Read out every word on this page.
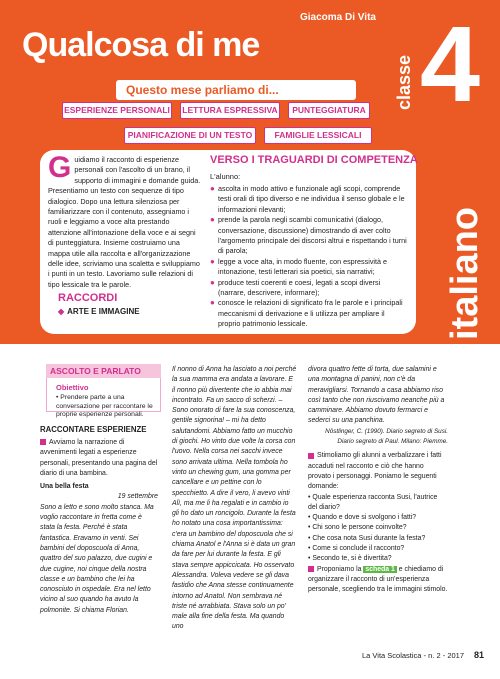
Qualcosa di me
Giacoma Di Vita
classe 4
italiano
Questo mese parliamo di...
ESPERIENZE PERSONALI LETTURA ESPRESSIVA	PUNTEGGIATURA
PIANIFICAZIONE DI UN TESTO	FAMIGLIE LESSICALI
Guidiamo il racconto di esperienze personali con l'ascolto di un brano, il supporto di immagini e domande guida. Presentiamo un testo con sequenze di tipo dialogico. Dopo una lettura silenziosa per familiarizzare con il contenuto, assegniamo i ruoli e leggiamo a voce alta prestando attenzione all'intonazione della voce e ai segni di punteggiatura. Insieme costruiamo una mappa utile alla raccolta e all'organizzazione delle idee, scriviamo una scaletta e sviluppiamo i punti in un testo. Lavoriamo sulle relazioni di tipo lessicale tra le parole.
RACCORDI
◆ ARTE E IMMAGINE
VERSO I TRAGUARDI DI COMPETENZA
L'alunno:
● ascolta in modo attivo e funzionale agli scopi, comprende testi orali di tipo diverso e ne individua il senso globale e le informazioni rilevanti;
● prende la parola negli scambi comunicativi (dialogo, conversazione, discussione) dimostrando di aver colto l'argomento principale dei discorsi altrui e rispettando i turni di parola;
● legge a voce alta, in modo fluente, con espressività e intonazione, testi letterari sia poetici, sia narrativi;
● produce testi coerenti e coesi, legati a scopi diversi (narrare, descrivere, informare);
● conosce le relazioni di significato fra le parole e i principali meccanismi di derivazione e li utilizza per ampliare il proprio patrimonio lessicale.
ASCOLTO E PARLATO
Obiettivo
• Prendere parte a una conversazione per raccontare le proprie esperienze personali.
RACCONTARE ESPERIENZE

Avviamo la narrazione di avvenimenti legati a esperienze personali, presentando una pagina del diario di una bambina.

Una bella festa

19 settembre

Sono a letto e sono molto stanca. Ma voglio raccontare in fretta come è stata la festa. Perché è stata fantastica. Eravamo in venti. Sei bambini del doposcuola di Anna, quattro del suo palazzo, due cugini e due cugine, noi cinque della nostra classe e un bambino che lei ha conosciuto in ospedale. Era nel letto vicino al suo quando ha avuto la polmonite. Si chiama Florian.

Il nonno di Anna ha lasciato a noi perché la sua mamma era andata a lavorare. E il nonno più divertente che io abbia mai incontrato. Fa un sacco di scherzi. – Sono onorato di fare la sua conoscenza, gentile signorina! – mi ha detto salutandomi. Abbiamo fatto un mucchio di giochi. Ho vinto due volte la corsa con l'uovo. Nella corsa nei sacchi invece sono arrivata ultima. Nella tombola ho vinto un chewing gum, una gomma per cancellare e un pettine con lo specchietto. A dire il vero, li avevo vinti Alì, ma me li ha regalati e in cambio io gli ho dato un roncigolo. Durante la festa ho notato una cosa importantissima: c'era un bambino del doposcuola che si chiama Anatol e l'Anna si è data un gran da fare per lui durante la festa. E gli stava sempre appiccicata. Ho osservato Alessandra. Voleva vedere se gli dava fastidio che Anna stesse continuamente intorno ad Anatol. Non sembrava né triste né arrabbiata. Stava solo un po' male alla fine della festa. Ma quando uno

divora quattro fette di torta, due salamini e una montagna di panini, non c'è da meravigliarsi. Tornando a casa abbiamo riso così tanto che non riuscivamo neanche più a camminare. Abbiamo dovuto fermarci e sederci su una panchina.

Nöstlinger, C. (1990). Diario segreto di Susi. Diario segreto di Paul. Milano: Piemme.

Stimoliamo gli alunni a verbalizzare i fatti accaduti nel racconto e ciò che hanno provato i personaggi. Poniamo le seguenti domande:

• Quale esperienza racconta Susi, l'autrice del diario?

• Quando e dove si svolgono i fatti?

• Chi sono le persone coinvolte?

• Che cosa nota Susi durante la festa?

• Come si conclude il racconto?

• Secondo te, si è divertita?

Proponiamo la scheda 1 e chiediamo di organizzare il racconto di un'esperienza personale, scegliendo tra le immagini stimolo.

La Vita Scolastica - n. 2 - 2017 81
